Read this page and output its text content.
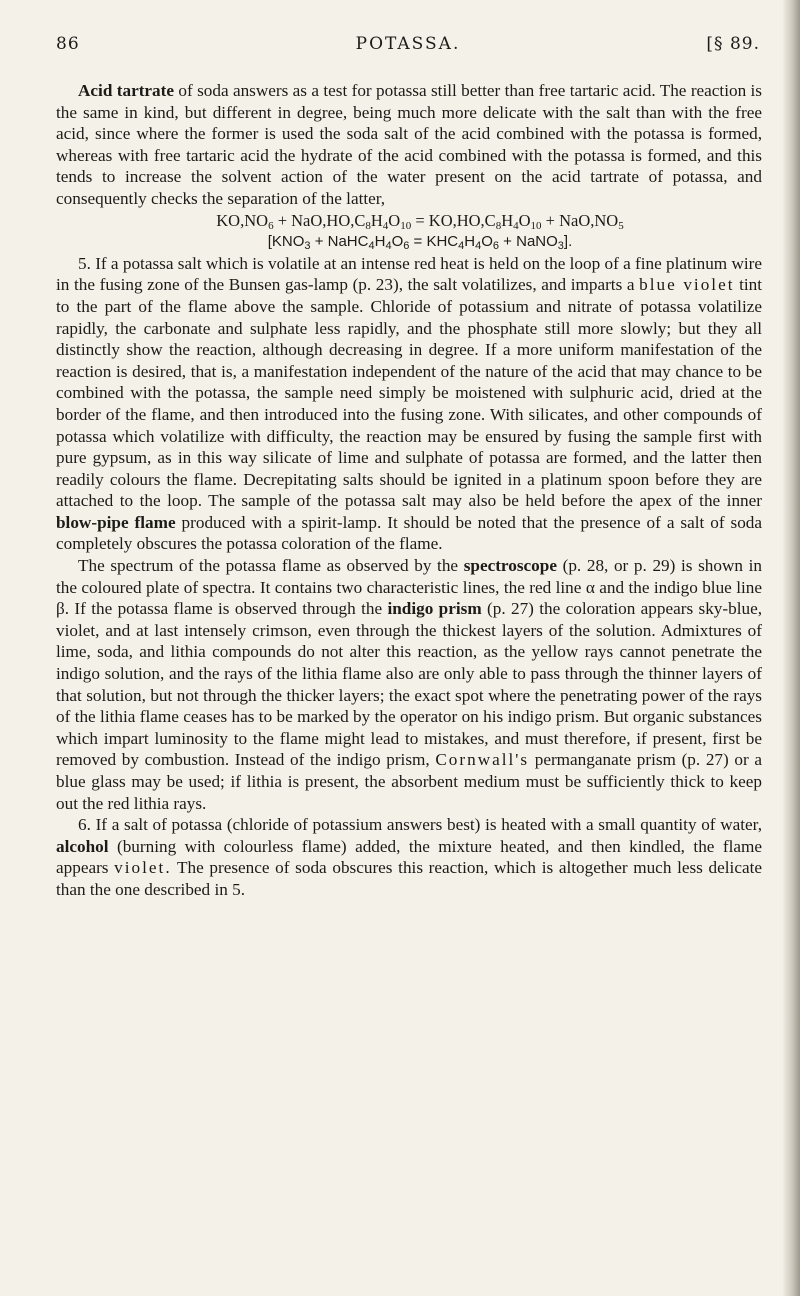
86	POTASSA.	[§ 89.

Acid tartrate of soda answers as a test for potassa still better than free tartaric acid. The reaction is the same in kind, but different in degree, being much more delicate with the salt than with the free acid, since where the former is used the soda salt of the acid combined with the potassa is formed, whereas with free tartaric acid the hydrate of the acid combined with the potassa is formed, and this tends to increase the solvent action of the water present on the acid tartrate of potassa, and consequently checks the separation of the latter,

$KO,NO_6 + NaO,HO,C_8H_4O_{10} = KO,HO,C_8H_4O_{10} + NaO,NO_5$

[$KNO_3$ + $NaHC_4H_4O_6 = KHC_4H_4O_6$ + NaNO$_3$].

5. If a potassa salt which is volatile at an intense red heat is held on the loop of a fine platinum wire in the fusing zone of the Bunsen gas-lamp (p. 23), the salt volatilizes, and imparts a blue violet tint to the part of the flame above the sample. Chloride of potassium and nitrate of potassa volatilize rapidly, the carbonate and sulphate less rapidly, and the phosphate still more slowly; but they all distinctly show the reaction, although decreasing in degree. If a more uniform manifestation of the reaction is desired, that is, a manifestation independent of the nature of the acid that may chance to be combined with the potassa, the sample need simply be moistened with sulphuric acid, dried at the border of the flame, and then introduced into the fusing zone. With silicates, and other compounds of potassa which volatilize with difficulty, the reaction may be ensured by fusing the sample first with pure gypsum, as in this way silicate of lime and sulphate of potassa are formed, and the latter then readily colours the flame. Decrepitating salts should be ignited in a platinum spoon before they are attached to the loop. The sample of the potassa salt may also be held before the apex of the inner blow-pipe flame produced with a spirit-lamp. It should be noted that the presence of a salt of soda completely obscures the potassa coloration of the flame.

The spectrum of the potassa flame as observed by the spectroscope (p. 28, or p. 29) is shown in the coloured plate of spectra. It contains two characteristic lines, the red line α and the indigo blue line β. If the potassa flame is observed through the indigo prism (p. 27) the coloration appears sky-blue, violet, and at last intensely crimson, even through the thickest layers of the solution. Admixtures of lime, soda, and lithia compounds do not alter this reaction, as the yellow rays cannot penetrate the indigo solution, and the rays of the lithia flame also are only able to pass through the thinner layers of that solution, but not through the thicker layers; the exact spot where the penetrating power of the rays of the lithia flame ceases has to be marked by the operator on his indigo prism. But organic substances which impart luminosity to the flame might lead to mistakes, and must therefore, if present, first be removed by combustion. Instead of the indigo prism, Cornwall's permanganate prism (p. 27) or a blue glass may be used; if lithia is present, the absorbent medium must be sufficiently thick to keep out the red lithia rays.

6. If a salt of potassa (chloride of potassium answers best) is heated with a small quantity of water, alcohol (burning with colourless flame) added, the mixture heated, and then kindled, the flame appears violet. The presence of soda obscures this reaction, which is altogether much less delicate than the one described in 5.
